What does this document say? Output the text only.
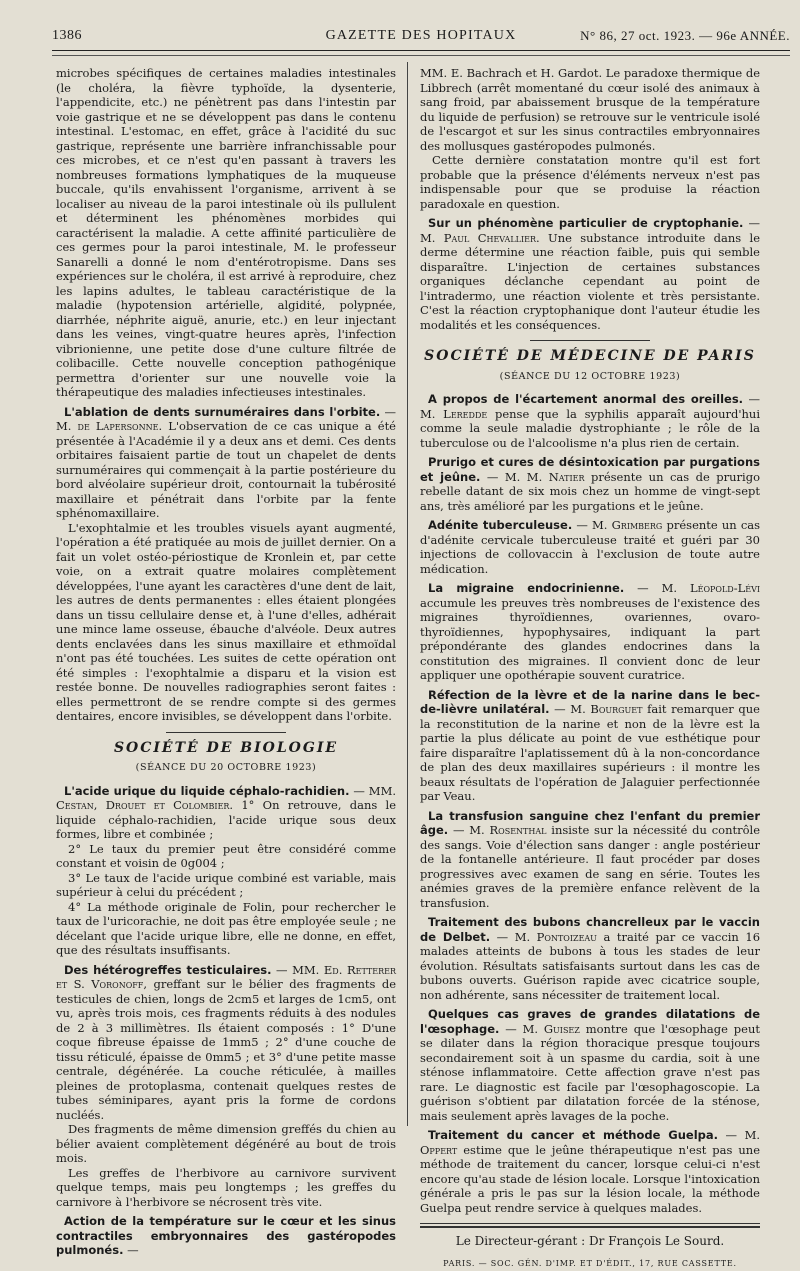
1386	GAZETTE DES HOPITAUX	N° 86, 27 oct. 1923. — 96e ANNÉE.

microbes spécifiques de certaines maladies intestinales (le choléra, la fièvre typhoïde, la dysenterie, l'appendicite, etc.) ne pénètrent pas dans l'intestin par voie gastrique et ne se développent pas dans le contenu intestinal. L'estomac, en effet, grâce à l'acidité du suc gastrique, représente une barrière infranchissable pour ces microbes, et ce n'est qu'en passant à travers les nombreuses formations lymphatiques de la muqueuse buccale, qu'ils envahissent l'organisme, arrivent à se localiser au niveau de la paroi intestinale où ils pullulent et déterminent les phénomènes morbides qui caractérisent la maladie. A cette affinité particulière de ces germes pour la paroi intestinale, M. le professeur Sanarelli a donné le nom d'entérotropisme. Dans ses expériences sur le choléra, il est arrivé à reproduire, chez les lapins adultes, le tableau caractéristique de la maladie (hypotension artérielle, algidité, polypnée, diarrhée, néphrite aiguë, anurie, etc.) en leur injectant dans les veines, vingt-quatre heures après, l'infection vibrionienne, une petite dose d'une culture filtrée de colibacille. Cette nouvelle conception pathogénique permettra d'orienter sur une nouvelle voie la thérapeutique des maladies infectieuses intestinales.

L'ablation de dents surnuméraires dans l'orbite. — M. de Lapersonne. L'observation de ce cas unique a été présentée à l'Académie il y a deux ans et demi. Ces dents orbitaires faisaient partie de tout un chapelet de dents surnuméraires qui commençait à la partie postérieure du bord alvéolaire supérieur droit, contournait la tubérosité maxillaire et pénétrait dans l'orbite par la fente sphénomaxillaire.

L'exophtalmie et les troubles visuels ayant augmenté, l'opération a été pratiquée au mois de juillet dernier. On a fait un volet ostéo-périostique de Kronlein et, par cette voie, on a extrait quatre molaires complètement développées, l'une ayant les caractères d'une dent de lait, les autres de dents permanentes : elles étaient plongées dans un tissu cellulaire dense et, à l'une d'elles, adhérait une mince lame osseuse, ébauche d'alvéole. Deux autres dents enclavées dans les sinus maxillaire et ethmoïdal n'ont pas été touchées. Les suites de cette opération ont été simples : l'exophtalmie a disparu et la vision est restée bonne. De nouvelles radiographies seront faites : elles permettront de se rendre compte si des germes dentaires, encore invisibles, se développent dans l'orbite.

SOCIÉTÉ DE BIOLOGIE
(SÉANCE DU 20 OCTOBRE 1923)

L'acide urique du liquide céphalo-rachidien. — MM. Cestan, Drouet et Colombier. 1° On retrouve, dans le liquide céphalo-rachidien, l'acide urique sous deux formes, libre et combinée ;

2° Le taux du premier peut être considéré comme constant et voisin de 0g004 ;

3° Le taux de l'acide urique combiné est variable, mais supérieur à celui du précédent ;

4° La méthode originale de Folin, pour rechercher le taux de l'uricorachie, ne doit pas être employée seule ; ne décelant que l'acide urique libre, elle ne donne, en effet, que des résultats insuffisants.

Des hétérogreffes testiculaires. — MM. Ed. Retterer et S. Voronoff, greffant sur le bélier des fragments de testicules de chien, longs de 2cm5 et larges de 1cm5, ont vu, après trois mois, ces fragments réduits à des nodules de 2 à 3 millimètres. Ils étaient composés : 1° D'une coque fibreuse épaisse de 1mm5 ; 2° d'une couche de tissu réticulé, épaisse de 0mm5 ; et 3° d'une petite masse centrale, dégénérée. La couche réticulée, à mailles pleines de protoplasma, contenait quelques restes de tubes séminipares, ayant pris la forme de cordons nucléés.

Des fragments de même dimension greffés du chien au bélier avaient complètement dégénéré au bout de trois mois.

Les greffes de l'herbivore au carnivore survivent quelque temps, mais peu longtemps ; les greffes du carnivore à l'herbivore se nécrosent très vite.

Action de la température sur le cœur et les sinus contractiles embryonnaires des gastéropodes pulmonés. —

MM. E. Bachrach et H. Gardot. Le paradoxe thermique de Libbrech (arrêt momentané du cœur isolé des animaux à sang froid, par abaissement brusque de la température du liquide de perfusion) se retrouve sur le ventricule isolé de l'escargot et sur les sinus contractiles embryonnaires des mollusques gastéropodes pulmonés.

Cette dernière constatation montre qu'il est fort probable que la présence d'éléments nerveux n'est pas indispensable pour que se produise la réaction paradoxale en question.

Sur un phénomène particulier de cryptophanie. — M. Paul Chevallier. Une substance introduite dans le derme détermine une réaction faible, puis qui semble disparaître. L'injection de certaines substances organiques déclanche cependant au point de l'intradermo, une réaction violente et très persistante. C'est la réaction cryptophanique dont l'auteur étudie les modalités et les conséquences.

SOCIÉTÉ DE MÉDECINE DE PARIS
(SÉANCE DU 12 OCTOBRE 1923)

A propos de l'écartement anormal des oreilles. — M. Leredde pense que la syphilis apparaît aujourd'hui comme la seule maladie dystrophiante ; le rôle de la tuberculose ou de l'alcoolisme n'a plus rien de certain.

Prurigo et cures de désintoxication par purgations et jeûne. — M. M. Natier présente un cas de prurigo rebelle datant de six mois chez un homme de vingt-sept ans, très amélioré par les purgations et le jeûne.

Adénite tuberculeuse. — M. Grimberg présente un cas d'adénite cervicale tuberculeuse traité et guéri par 30 injections de collovaccin à l'exclusion de toute autre médication.

La migraine endocrinienne. — M. Léopold-Lévi accumule les preuves très nombreuses de l'existence des migraines thyroïdiennes, ovariennes, ovaro-thyroïdiennes, hypophysaires, indiquant la part prépondérante des glandes endocrines dans la constitution des migraines. Il convient donc de leur appliquer une opothérapie souvent curatrice.

Réfection de la lèvre et de la narine dans le bec-de-lièvre unilatéral. — M. Bourguet fait remarquer que la reconstitution de la narine et non de la lèvre est la partie la plus délicate au point de vue esthétique pour faire disparaître l'aplatissement dû à la non-concordance de plan des deux maxillaires supérieurs : il montre les beaux résultats de l'opération de Jalaguier perfectionnée par Veau.

La transfusion sanguine chez l'enfant du premier âge. — M. Rosenthal insiste sur la nécessité du contrôle des sangs. Voie d'élection sans danger : angle postérieur de la fontanelle antérieure. Il faut procéder par doses progressives avec examen de sang en série. Toutes les anémies graves de la première enfance relèvent de la transfusion.

Traitement des bubons chancrelleux par le vaccin de Delbet. — M. Pontoizeau a traité par ce vaccin 16 malades atteints de bubons à tous les stades de leur évolution. Résultats satisfaisants surtout dans les cas de bubons ouverts. Guérison rapide avec cicatrice souple, non adhérente, sans nécessiter de traitement local.

Quelques cas graves de grandes dilatations de l'œsophage. — M. Guisez montre que l'œsophage peut se dilater dans la région thoracique presque toujours secondairement soit à un spasme du cardia, soit à une sténose inflammatoire. Cette affection grave n'est pas rare. Le diagnostic est facile par l'œsophagoscopie. La guérison s'obtient par dilatation forcée de la sténose, mais seulement après lavages de la poche.

Traitement du cancer et méthode Guelpa. — M. Oppert estime que le jeûne thérapeutique n'est pas une méthode de traitement du cancer, lorsque celui-ci n'est encore qu'au stade de lésion locale. Lorsque l'intoxication générale a pris le pas sur la lésion locale, la méthode Guelpa peut rendre service à quelques malades.

Le Directeur-gérant : Dr François Le Sourd.
PARIS. — SOC. GÉN. D'IMP. ET D'ÉDIT., 17, RUE CASSETTE.
